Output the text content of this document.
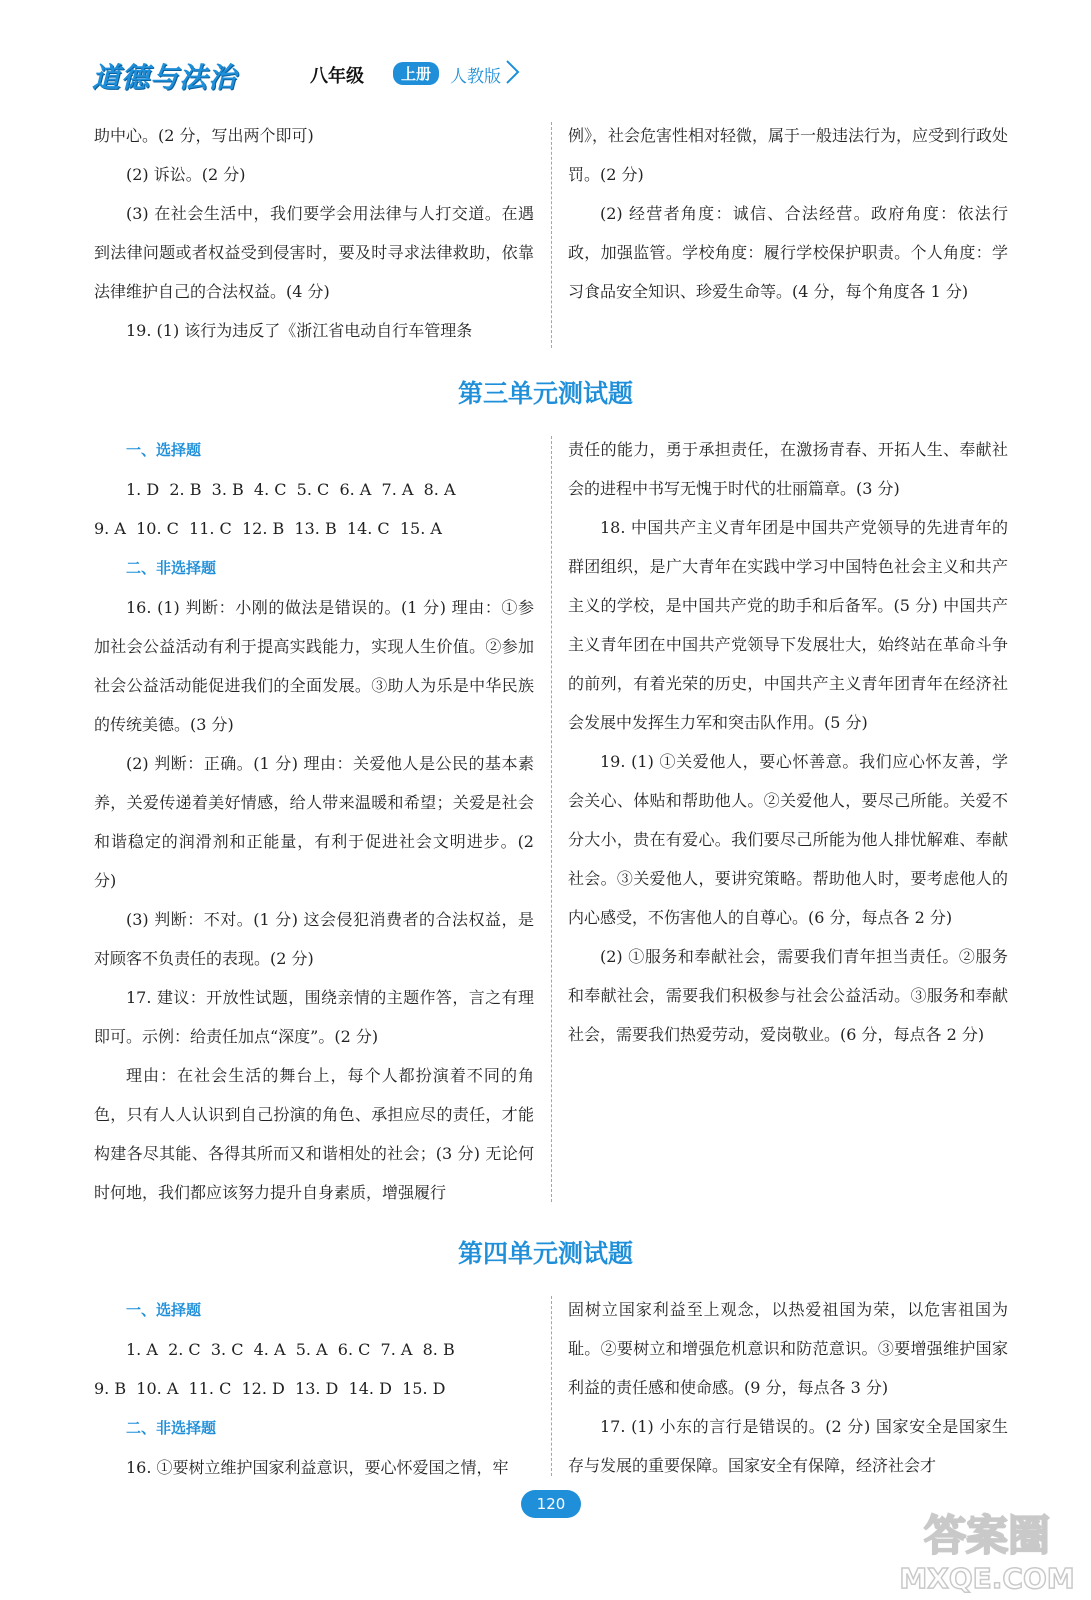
道德与法治	八年级	上册	人教版

助中心。(2 分，写出两个即可)

(2) 诉讼。(2 分)

(3) 在社会生活中，我们要学会用法律与人打交道。在遇到法律问题或者权益受到侵害时，要及时寻求法律救助，依靠法律维护自己的合法权益。(4 分)

19. (1) 该行为违反了《浙江省电动自行车管理条

例》，社会危害性相对轻微，属于一般违法行为，应受到行政处罚。(2 分)

(2) 经营者角度：诚信、合法经营。政府角度：依法行政，加强监管。学校角度：履行学校保护职责。个人角度：学习食品安全知识、珍爱生命等。(4 分，每个角度各 1 分)

第三单元测试题

一、选择题

1. D  2. B  3. B  4. C  5. C  6. A  7. A  8. A

9. A  10. C  11. C  12. B  13. B  14. C  15. A

二、非选择题

16. (1) 判断：小刚的做法是错误的。(1 分) 理由：①参加社会公益活动有利于提高实践能力，实现人生价值。②参加社会公益活动能促进我们的全面发展。③助人为乐是中华民族的传统美德。(3 分)

(2) 判断：正确。(1 分) 理由：关爱他人是公民的基本素养，关爱传递着美好情感，给人带来温暖和希望；关爱是社会和谐稳定的润滑剂和正能量，有利于促进社会文明进步。(2 分)

(3) 判断：不对。(1 分) 这会侵犯消费者的合法权益，是对顾客不负责任的表现。(2 分)

17. 建议：开放性试题，围绕亲情的主题作答，言之有理即可。示例：给责任加点“深度”。(2 分)

理由：在社会生活的舞台上，每个人都扮演着不同的角色，只有人人认识到自己扮演的角色、承担应尽的责任，才能构建各尽其能、各得其所而又和谐相处的社会；(3 分) 无论何时何地，我们都应该努力提升自身素质，增强履行

责任的能力，勇于承担责任，在激扬青春、开拓人生、奉献社会的进程中书写无愧于时代的壮丽篇章。(3 分)

18. 中国共产主义青年团是中国共产党领导的先进青年的群团组织，是广大青年在实践中学习中国特色社会主义和共产主义的学校，是中国共产党的助手和后备军。(5 分) 中国共产主义青年团在中国共产党领导下发展壮大，始终站在革命斗争的前列，有着光荣的历史，中国共产主义青年团青年在经济社会发展中发挥生力军和突击队作用。(5 分)

19. (1) ①关爱他人，要心怀善意。我们应心怀友善，学会关心、体贴和帮助他人。②关爱他人，要尽己所能。关爱不分大小，贵在有爱心。我们要尽己所能为他人排忧解难、奉献社会。③关爱他人，要讲究策略。帮助他人时，要考虑他人的内心感受，不伤害他人的自尊心。(6 分，每点各 2 分)

(2) ①服务和奉献社会，需要我们青年担当责任。②服务和奉献社会，需要我们积极参与社会公益活动。③服务和奉献社会，需要我们热爱劳动，爱岗敬业。(6 分，每点各 2 分)

第四单元测试题

一、选择题

1. A  2. C  3. C  4. A  5. A  6. C  7. A  8. B

9. B  10. A  11. C  12. D  13. D  14. D  15. D

二、非选择题

16. ①要树立维护国家利益意识，要心怀爱国之情，牢

固树立国家利益至上观念，以热爱祖国为荣，以危害祖国为耻。②要树立和增强危机意识和防范意识。③要增强维护国家利益的责任感和使命感。(9 分，每点各 3 分)

17. (1) 小东的言行是错误的。(2 分) 国家安全是国家生存与发展的重要保障。国家安全有保障，经济社会才

120
答案圈
MXQE.COM
